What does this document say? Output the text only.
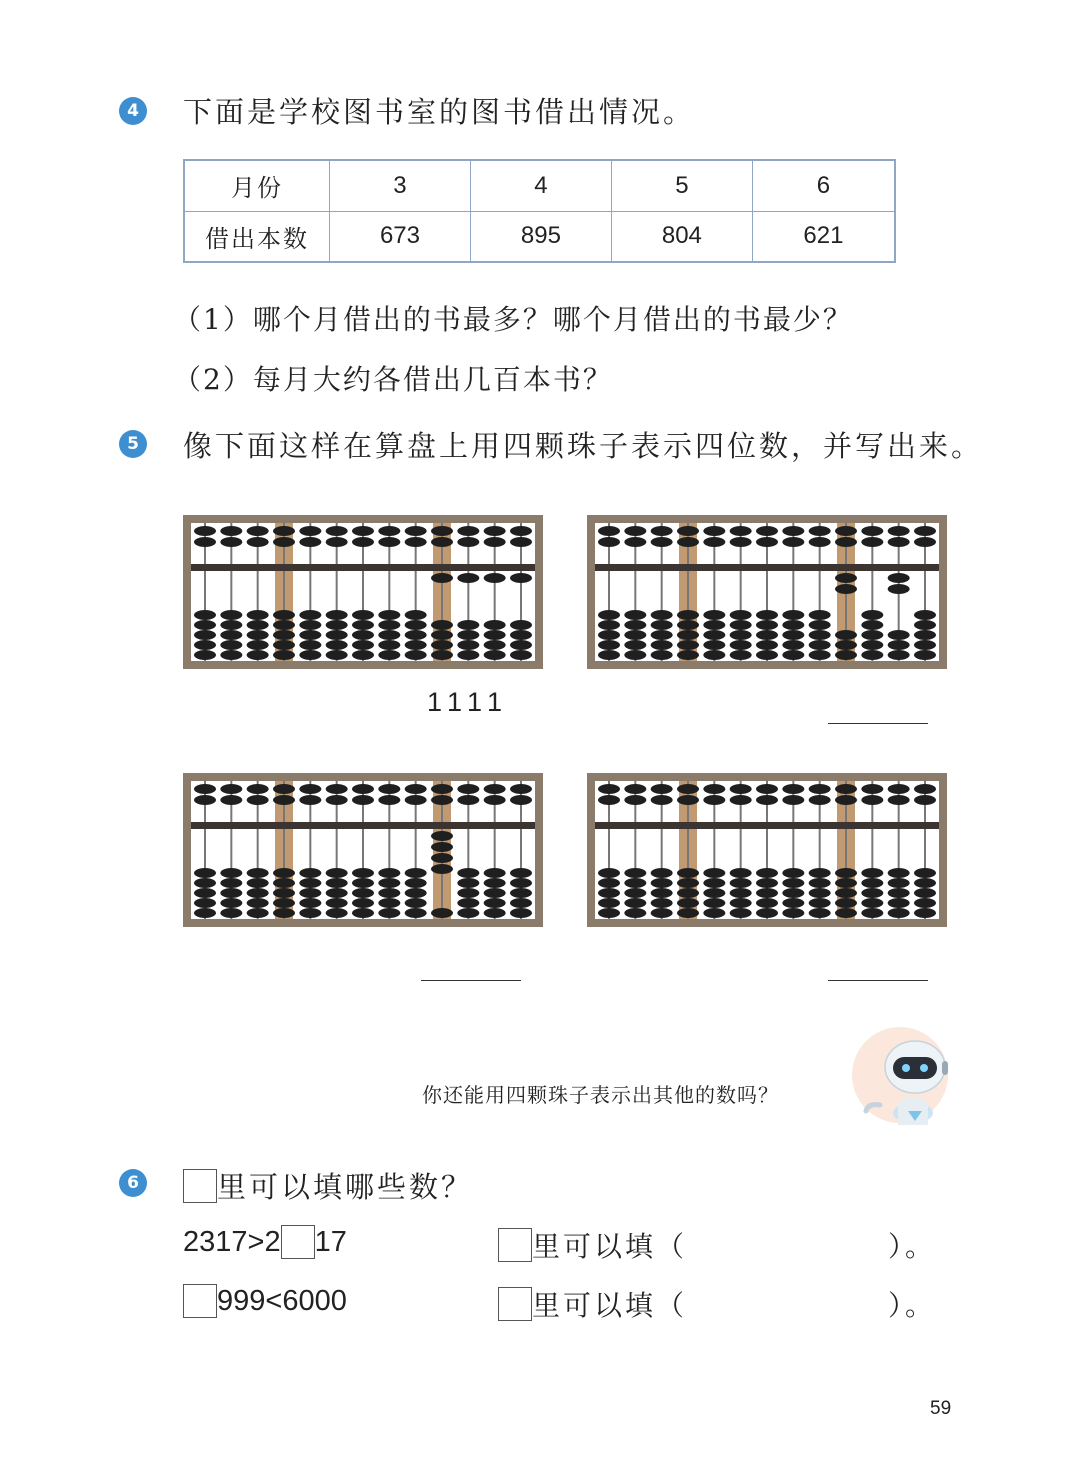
4 下面是学校图书室的图书借出情况。
月份	3	4	5	6
借出本数	673	895	804	621
（1）哪个月借出的书最多？哪个月借出的书最少？
（2）每月大约各借出几百本书？
5 像下面这样在算盘上用四颗珠子表示四位数，并写出来。
1111
你还能用四颗珠子表示出其他的数吗？
6	里可以填哪些数？
2317>2 17	里可以填（	）。
999<6000	里可以填（	）。
59
